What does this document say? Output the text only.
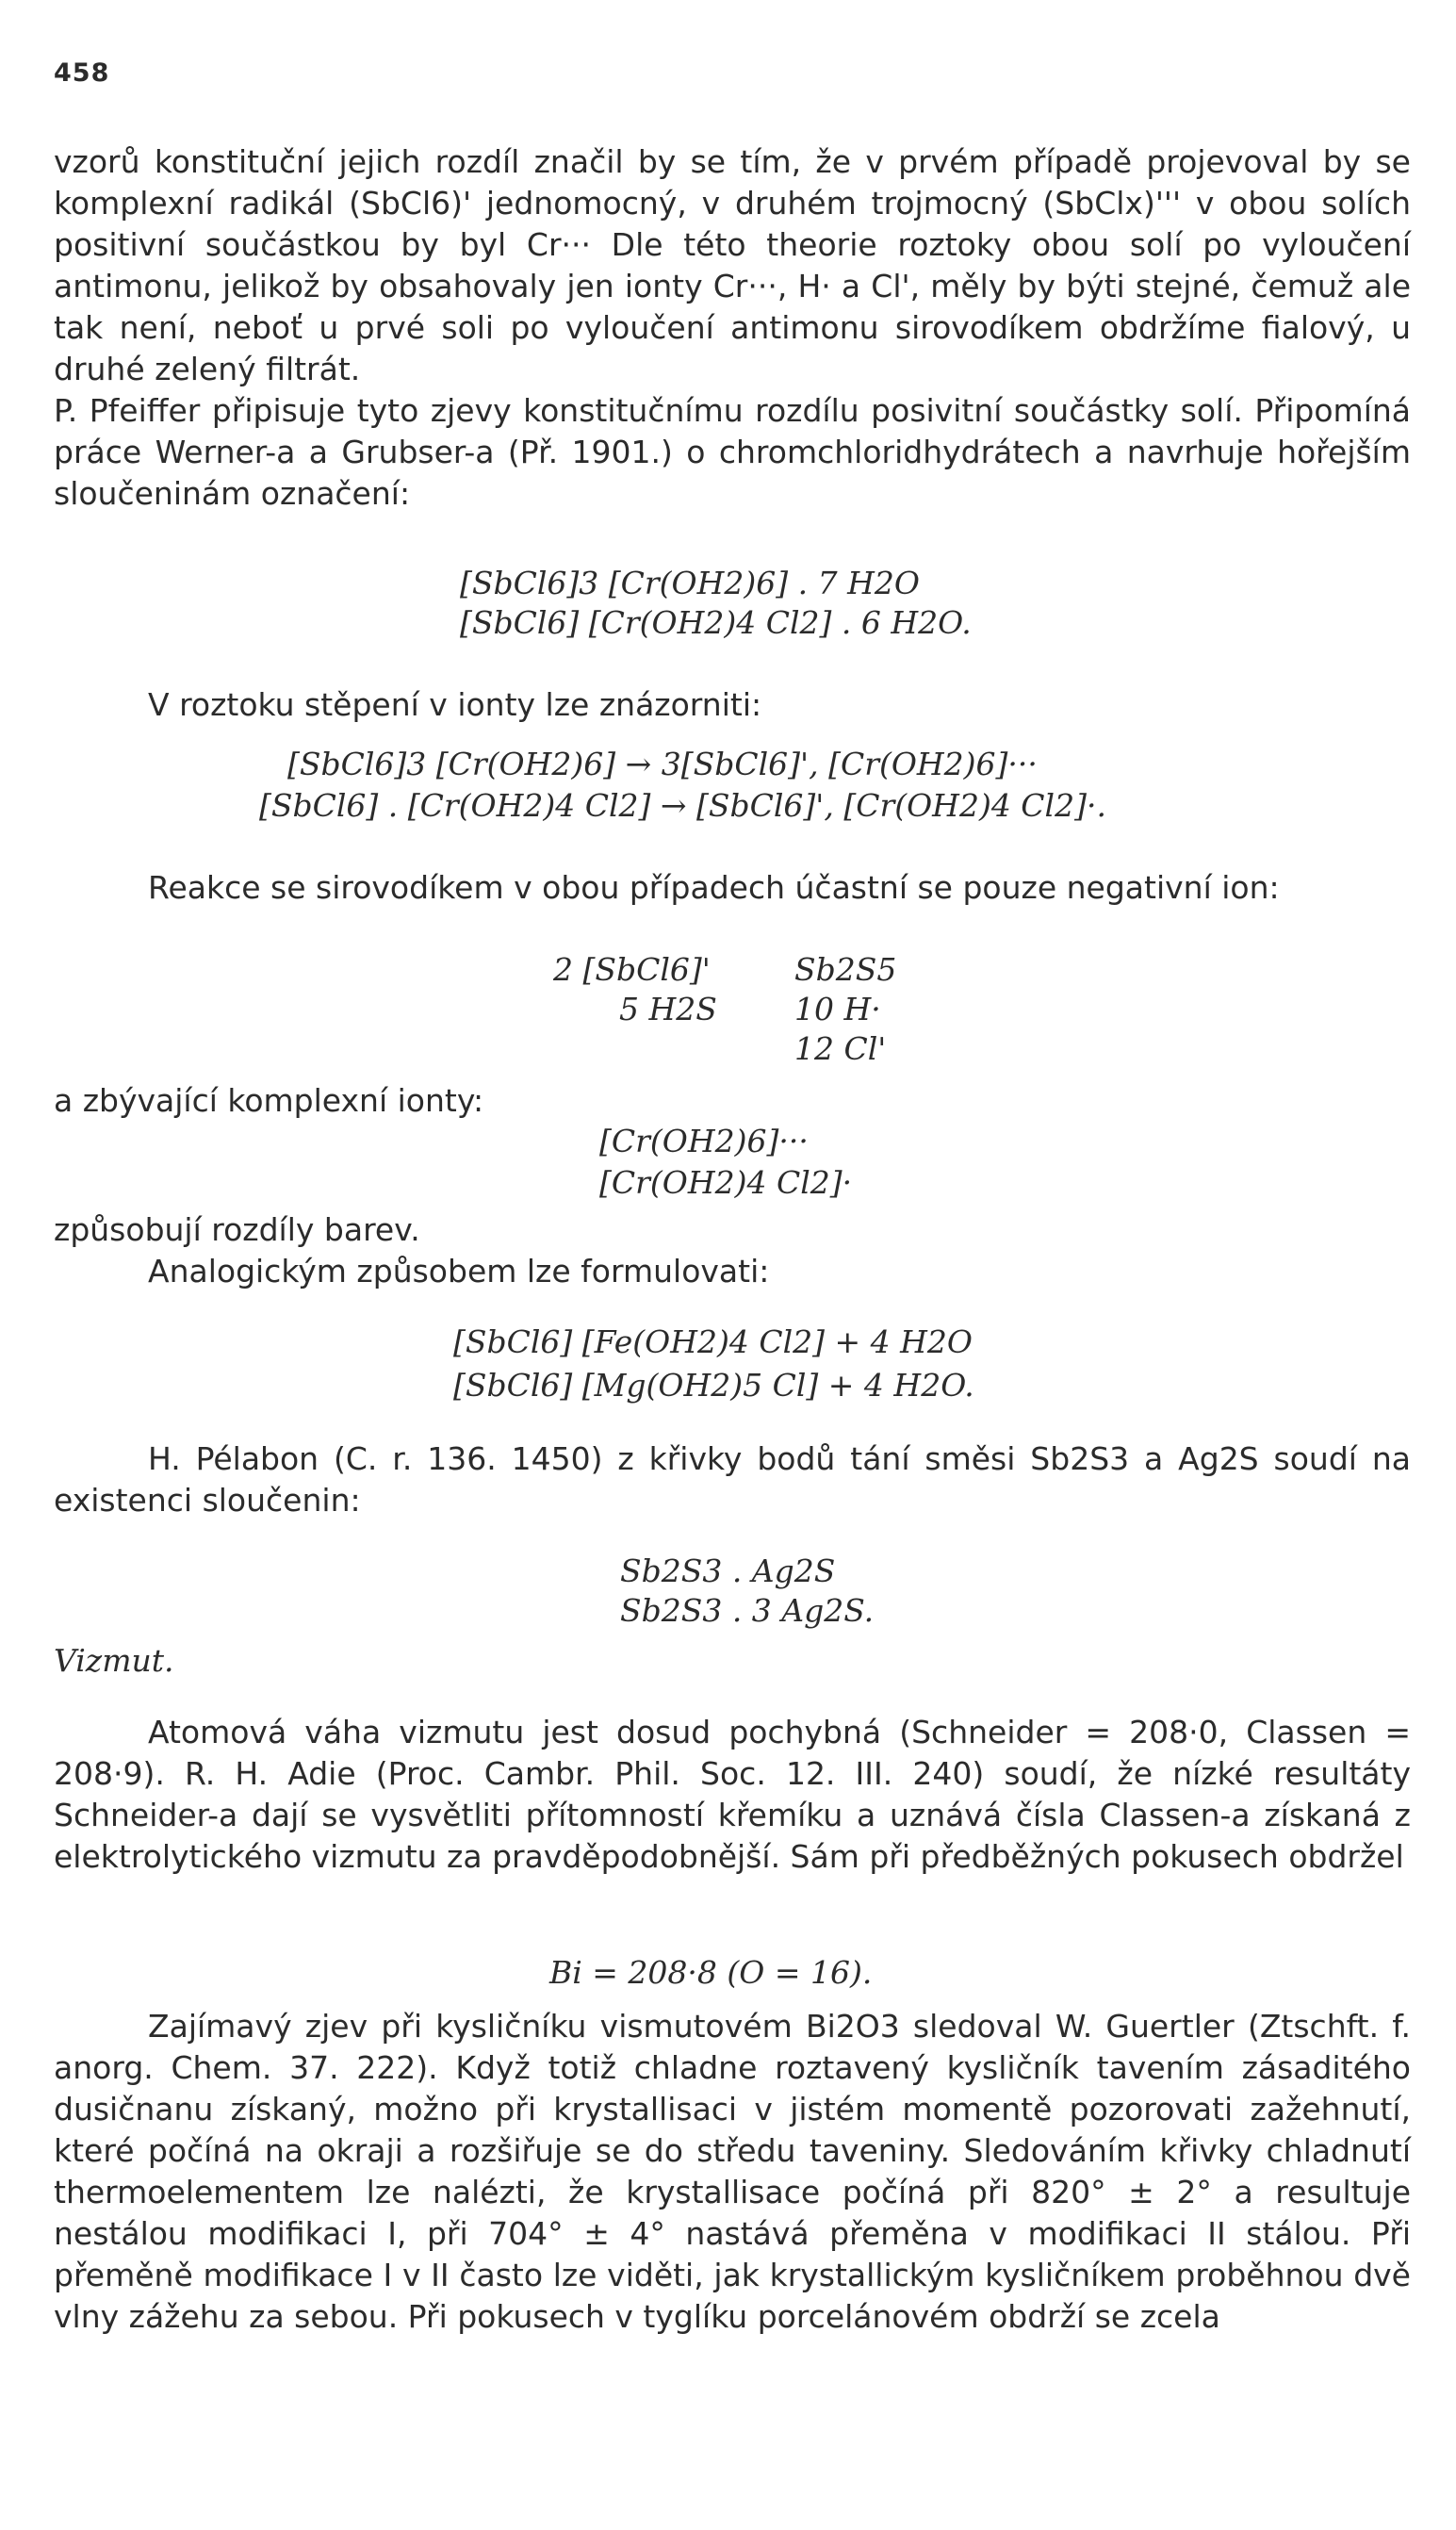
458
vzorů konstituční jejich rozdíl značil by se tím, že v prvém případě projevoval by se komplexní radikál (SbCl6)' jednomocný, v druhém trojmocný (SbClx)''' v obou solích positivní součástkou by byl Cr··· Dle této theorie roztoky obou solí po vyloučení antimonu, jelikož by obsahovaly jen ionty Cr···, H· a Cl', měly by býti stejné, čemuž ale tak není, neboť u prvé soli po vyloučení antimonu sirovodíkem obdržíme fialový, u druhé zelený filtrát.
P. Pfeiffer připisuje tyto zjevy konstitučnímu rozdílu posivitní součástky solí. Připomíná práce Werner-a a Grubser-a (Př. 1901.) o chromchloridhydrátech a navrhuje hořejším sloučeninám označení:
[SbCl6]3 [Cr(OH2)6] . 7 H2O
[SbCl6] [Cr(OH2)4 Cl2] . 6 H2O.
V roztoku stěpení v ionty lze znázorniti:
[SbCl6]3 [Cr(OH2)6] → 3[SbCl6]', [Cr(OH2)6]···
[SbCl6] . [Cr(OH2)4 Cl2] → [SbCl6]', [Cr(OH2)4 Cl2]·.
Reakce se sirovodíkem v obou případech účastní se pouze negativní ion:
2 [SbCl6]'
5 H2S
Sb2S5
10 H·
12 Cl'
a zbývající komplexní ionty:
[Cr(OH2)6]···
[Cr(OH2)4 Cl2]·
způsobují rozdíly barev.
Analogickým způsobem lze formulovati:
[SbCl6] [Fe(OH2)4 Cl2] + 4 H2O
[SbCl6] [Mg(OH2)5 Cl] + 4 H2O.
H. Pélabon (C. r. 136. 1450) z křivky bodů tání směsi Sb2S3 a Ag2S soudí na existenci sloučenin:
Sb2S3 . Ag2S
Sb2S3 . 3 Ag2S.
Vizmut.
Atomová váha vizmutu jest dosud pochybná (Schneider = 208·0, Classen = 208·9). R. H. Adie (Proc. Cambr. Phil. Soc. 12. III. 240) soudí, že nízké resultáty Schneider-a dají se vysvětliti přítomností křemíku a uznává čísla Classen-a získaná z elektrolytického vizmutu za pravděpodobnější. Sám při předběžných pokusech obdržel
Bi = 208·8 (O = 16).
Zajímavý zjev při kysličníku vismutovém Bi2O3 sledoval W. Guertler (Ztschft. f. anorg. Chem. 37. 222). Když totiž chladne roztavený kysličník tavením zásaditého dusičnanu získaný, možno při krystallisaci v jistém momentě pozorovati zažehnutí, které počíná na okraji a rozšiřuje se do středu taveniny. Sledováním křivky chladnutí thermoelementem lze nalézti, že krystallisace počíná při 820° ± 2° a resultuje nestálou modifikaci I, při 704° ± 4° nastává přeměna v modifikaci II stálou. Při přeměně modifikace I v II často lze viděti, jak krystallickým kysličníkem proběhnou dvě vlny zážehu za sebou. Při pokusech v tyglíku porcelánovém obdrží se zcela
